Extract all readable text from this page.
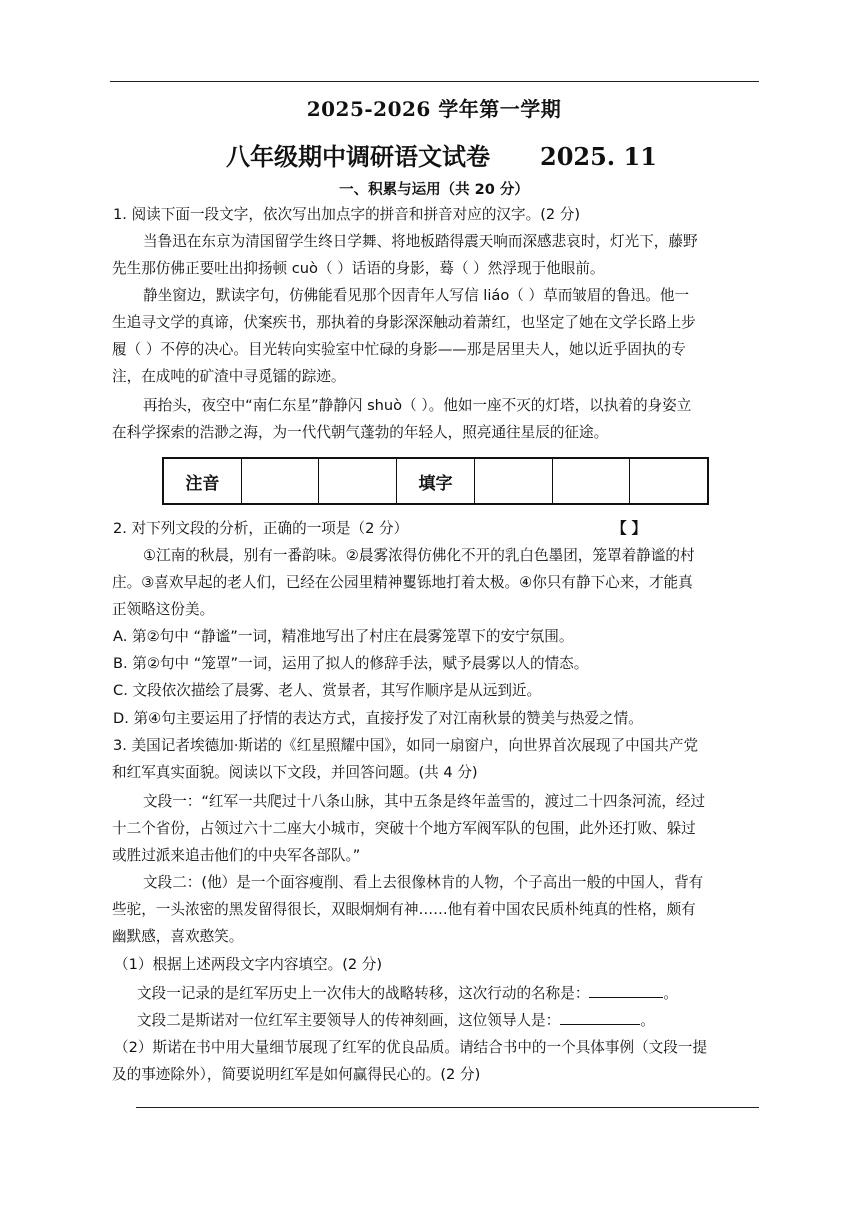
2025-2026 学年第一学期
八年级期中调研语文试卷 2025. 11
一、积累与运用（共 20 分）
1. 阅读下面一段文字，依次写出加点字的拼音和拼音对应的汉字。(2 分)
当鲁迅在东京为清国留学生终日学舞、将地板踏得震天响而深感悲哀时，灯光下，藤野
先生那仿佛正要吐出抑扬顿 cuò（ ）话语的身影，蓦（ ）然浮现于他眼前。
静坐窗边，默读字句，仿佛能看见那个因青年人写信 liáo（ ）草而皱眉的鲁迅。他一
生追寻文学的真谛，伏案疾书，那执着的身影深深触动着萧红，也坚定了她在文学长路上步
履（ ）不停的决心。目光转向实验室中忙碌的身影——那是居里夫人，她以近乎固执的专
注，在成吨的矿渣中寻觅镭的踪迹。
再抬头，夜空中“南仁东星”静静闪 shuò（ ）。他如一座不灭的灯塔，以执着的身姿立
在科学探索的浩渺之海，为一代代朝气蓬勃的年轻人，照亮通往星辰的征途。
注音	填字
2. 对下列文段的分析，正确的一项是（2 分）	【 】
①江南的秋晨，别有一番韵味。②晨雾浓得仿佛化不开的乳白色墨团，笼罩着静谧的村
庄。③喜欢早起的老人们，已经在公园里精神矍铄地打着太极。④你只有静下心来，才能真
正领略这份美。
A. 第②句中 “静谧”一词，精准地写出了村庄在晨雾笼罩下的安宁氛围。
B. 第②句中 “笼罩”一词，运用了拟人的修辞手法，赋予晨雾以人的情态。
C. 文段依次描绘了晨雾、老人、赏景者，其写作顺序是从远到近。
D. 第④句主要运用了抒情的表达方式，直接抒发了对江南秋景的赞美与热爱之情。
3. 美国记者埃德加·斯诺的《红星照耀中国》，如同一扇窗户，向世界首次展现了中国共产党
和红军真实面貌。阅读以下文段，并回答问题。(共 4 分)
文段一：“红军一共爬过十八条山脉，其中五条是终年盖雪的，渡过二十四条河流，经过
十二个省份，占领过六十二座大小城市，突破十个地方军阀军队的包围，此外还打败、躲过
或胜过派来追击他们的中央军各部队。”
文段二：(他）是一个面容瘦削、看上去很像林肯的人物，个子高出一般的中国人，背有
些驼，一头浓密的黑发留得很长，双眼炯炯有神……他有着中国农民质朴纯真的性格，颇有
幽默感，喜欢憨笑。
（1）根据上述两段文字内容填空。(2 分)
文段一记录的是红军历史上一次伟大的战略转移，这次行动的名称是：	。
文段二是斯诺对一位红军主要领导人的传神刻画，这位领导人是：	。
（2）斯诺在书中用大量细节展现了红军的优良品质。请结合书中的一个具体事例（文段一提
及的事迹除外），简要说明红军是如何赢得民心的。(2 分)
